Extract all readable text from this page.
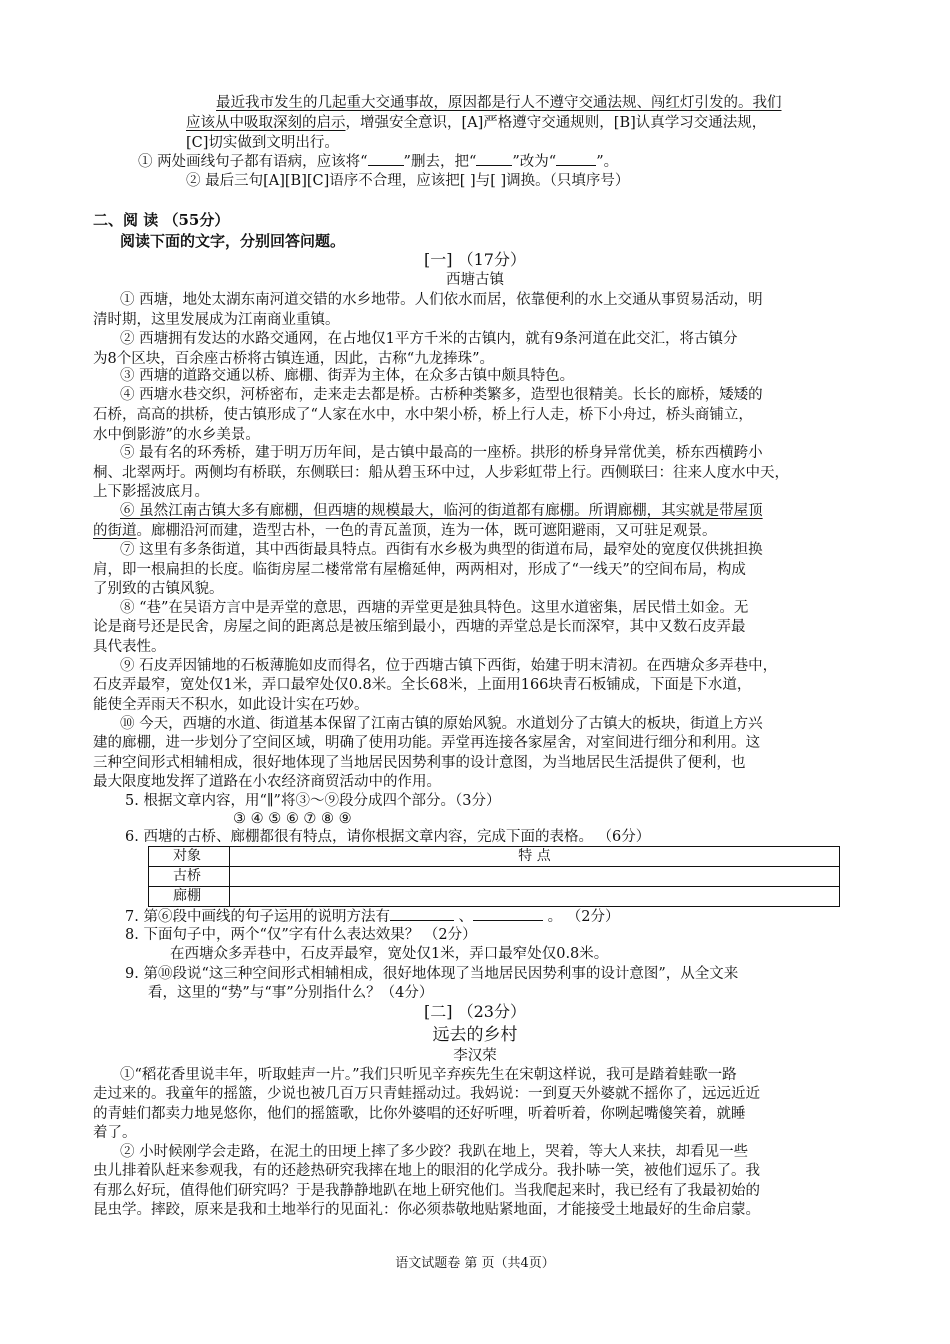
最近我市发生的几起重大交通事故，原因都是行人不遵守交通法规、闯红灯引发的。我们
应该从中吸取深刻的启示，增强安全意识，[A]严格遵守交通规则，[B]认真学习交通法规，
[C]切实做到文明出行。
① 两处画线句子都有语病，应该将“ ”删去，把“ ”改为“	”。
② 最后三句[A][B][C]语序不合理，应该把[ ]与[ ]调换。（只填序号）
二、阅 读 （55分）
阅读下面的文字，分别回答问题。
[一] （17分）
西塘古镇
① 西塘，地处太湖东南河道交错的水乡地带。人们依水而居，依靠便利的水上交通从事贸易活动，明
清时期，这里发展成为江南商业重镇。
② 西塘拥有发达的水路交通网，在占地仅1平方千米的古镇内，就有9条河道在此交汇，将古镇分
为8个区块，百余座古桥将古镇连通，因此，古称“九龙捧珠”。
③ 西塘的道路交通以桥、廊棚、街弄为主体，在众多古镇中颇具特色。
④ 西塘水巷交织，河桥密布，走来走去都是桥。古桥种类繁多，造型也很精美。长长的廊桥，矮矮的
石桥，高高的拱桥，使古镇形成了“人家在水中，水中架小桥，桥上行人走，桥下小舟过，桥头商铺立，
水中倒影游”的水乡美景。
⑤ 最有名的环秀桥，建于明万历年间，是古镇中最高的一座桥。拱形的桥身异常优美，桥东西横跨小
桐、北翠两圩。两侧均有桥联，东侧联曰：船从碧玉环中过，人步彩虹带上行。西侧联曰：往来人度水中天，
上下影摇波底月。
⑥ 虽然江南古镇大多有廊棚，但西塘的规模最大，临河的街道都有廊棚。所谓廊棚，其实就是带屋顶
的街道。廊棚沿河而建，造型古朴，一色的青瓦盖顶，连为一体，既可遮阳避雨，又可驻足观景。
⑦ 这里有多条街道，其中西街最具特点。西街有水乡极为典型的街道布局，最窄处的宽度仅供挑担换
肩，即一根扁担的长度。临街房屋二楼常常有屋檐延伸，两两相对，形成了“一线天”的空间布局，构成
了别致的古镇风貌。
⑧ “巷”在吴语方言中是弄堂的意思，西塘的弄堂更是独具特色。这里水道密集，居民惜土如金。无
论是商号还是民舍，房屋之间的距离总是被压缩到最小，西塘的弄堂总是长而深窄，其中又数石皮弄最
具代表性。
⑨ 石皮弄因铺地的石板薄脆如皮而得名，位于西塘古镇下西街，始建于明末清初。在西塘众多弄巷中，
石皮弄最窄，宽处仅1米，弄口最窄处仅0.8米。全长68米，上面用166块青石板铺成，下面是下水道，
能使全弄雨天不积水，如此设计实在巧妙。
⑩ 今天，西塘的水道、街道基本保留了江南古镇的原始风貌。水道划分了古镇大的板块，街道上方兴
建的廊棚，进一步划分了空间区域，明确了使用功能。弄堂再连接各家屋舍，对室间进行细分和利用。这
三种空间形式相辅相成，很好地体现了当地居民因势利事的设计意图，为当地居民生活提供了便利，也
最大限度地发挥了道路在小农经济商贸活动中的作用。
5. 根据文章内容，用“∥”将③～⑨段分成四个部分。（3分）
③ ④ ⑤ ⑥ ⑦ ⑧ ⑨
6. 西塘的古桥、廊棚都很有特点，请你根据文章内容，完成下面的表格。 （6分）
对象	特 点
古桥	
廊棚	
7. 第⑥段中画线的句子运用的说明方法有	、	。 （2分）
8. 下面句子中，两个“仅”字有什么表达效果？ （2分）
在西塘众多弄巷中，石皮弄最窄，宽处仅1米，弄口最窄处仅0.8米。
9. 第⑩段说“这三种空间形式相辅相成，很好地体现了当地居民因势利事的设计意图”，从全文来
看，这里的“势”与“事”分别指什么？（4分）
[二] （23分）
远去的乡村
李汉荣
①“稻花香里说丰年，听取蛙声一片。”我们只听见辛弃疾先生在宋朝这样说，我可是踏着蛙歌一路
走过来的。我童年的摇篮，少说也被几百万只青蛙摇动过。我妈说：一到夏天外婆就不摇你了，远远近近
的青蛙们都卖力地晃悠你，他们的摇篮歌，比你外婆唱的还好听哩，听着听着，你咧起嘴傻笑着，就睡
着了。
② 小时候刚学会走路，在泥土的田埂上摔了多少跤？我趴在地上，哭着，等大人来扶，却看见一些
虫儿排着队赶来参观我，有的还趁热研究我摔在地上的眼泪的化学成分。我扑哧一笑，被他们逗乐了。我
有那么好玩，值得他们研究吗？于是我静静地趴在地上研究他们。当我爬起来时，我已经有了我最初始的
昆虫学。摔跤，原来是我和土地举行的见面礼：你必须恭敬地贴紧地面，才能接受土地最好的生命启蒙。
语文试题卷 第 页（共4页）
